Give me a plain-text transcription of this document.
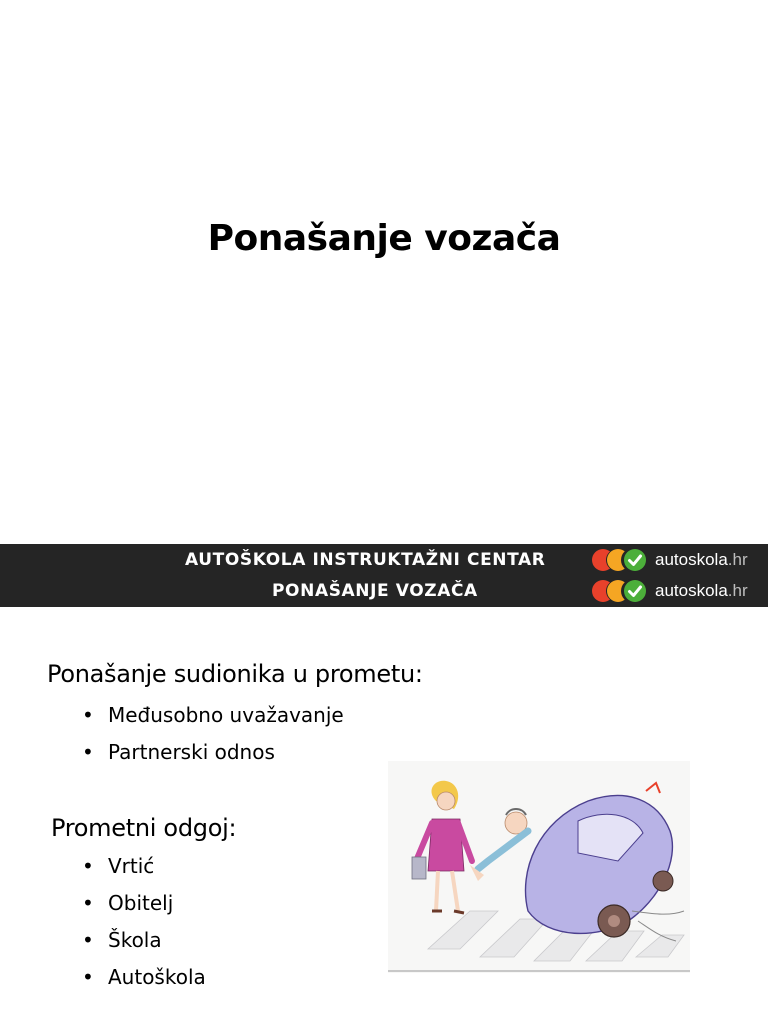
Ponašanje vozača
AUTOŠKOLA INSTRUKTAŽNI CENTAR	autoskola.hr
PONAŠANJE VOZAČA	autoskola.hr
Ponašanje sudionika u prometu:
• Međusobno uvažavanje
• Partnerski odnos
Prometni odgoj:
• Vrtić
• Obitelj
• Škola
• Autoškola
